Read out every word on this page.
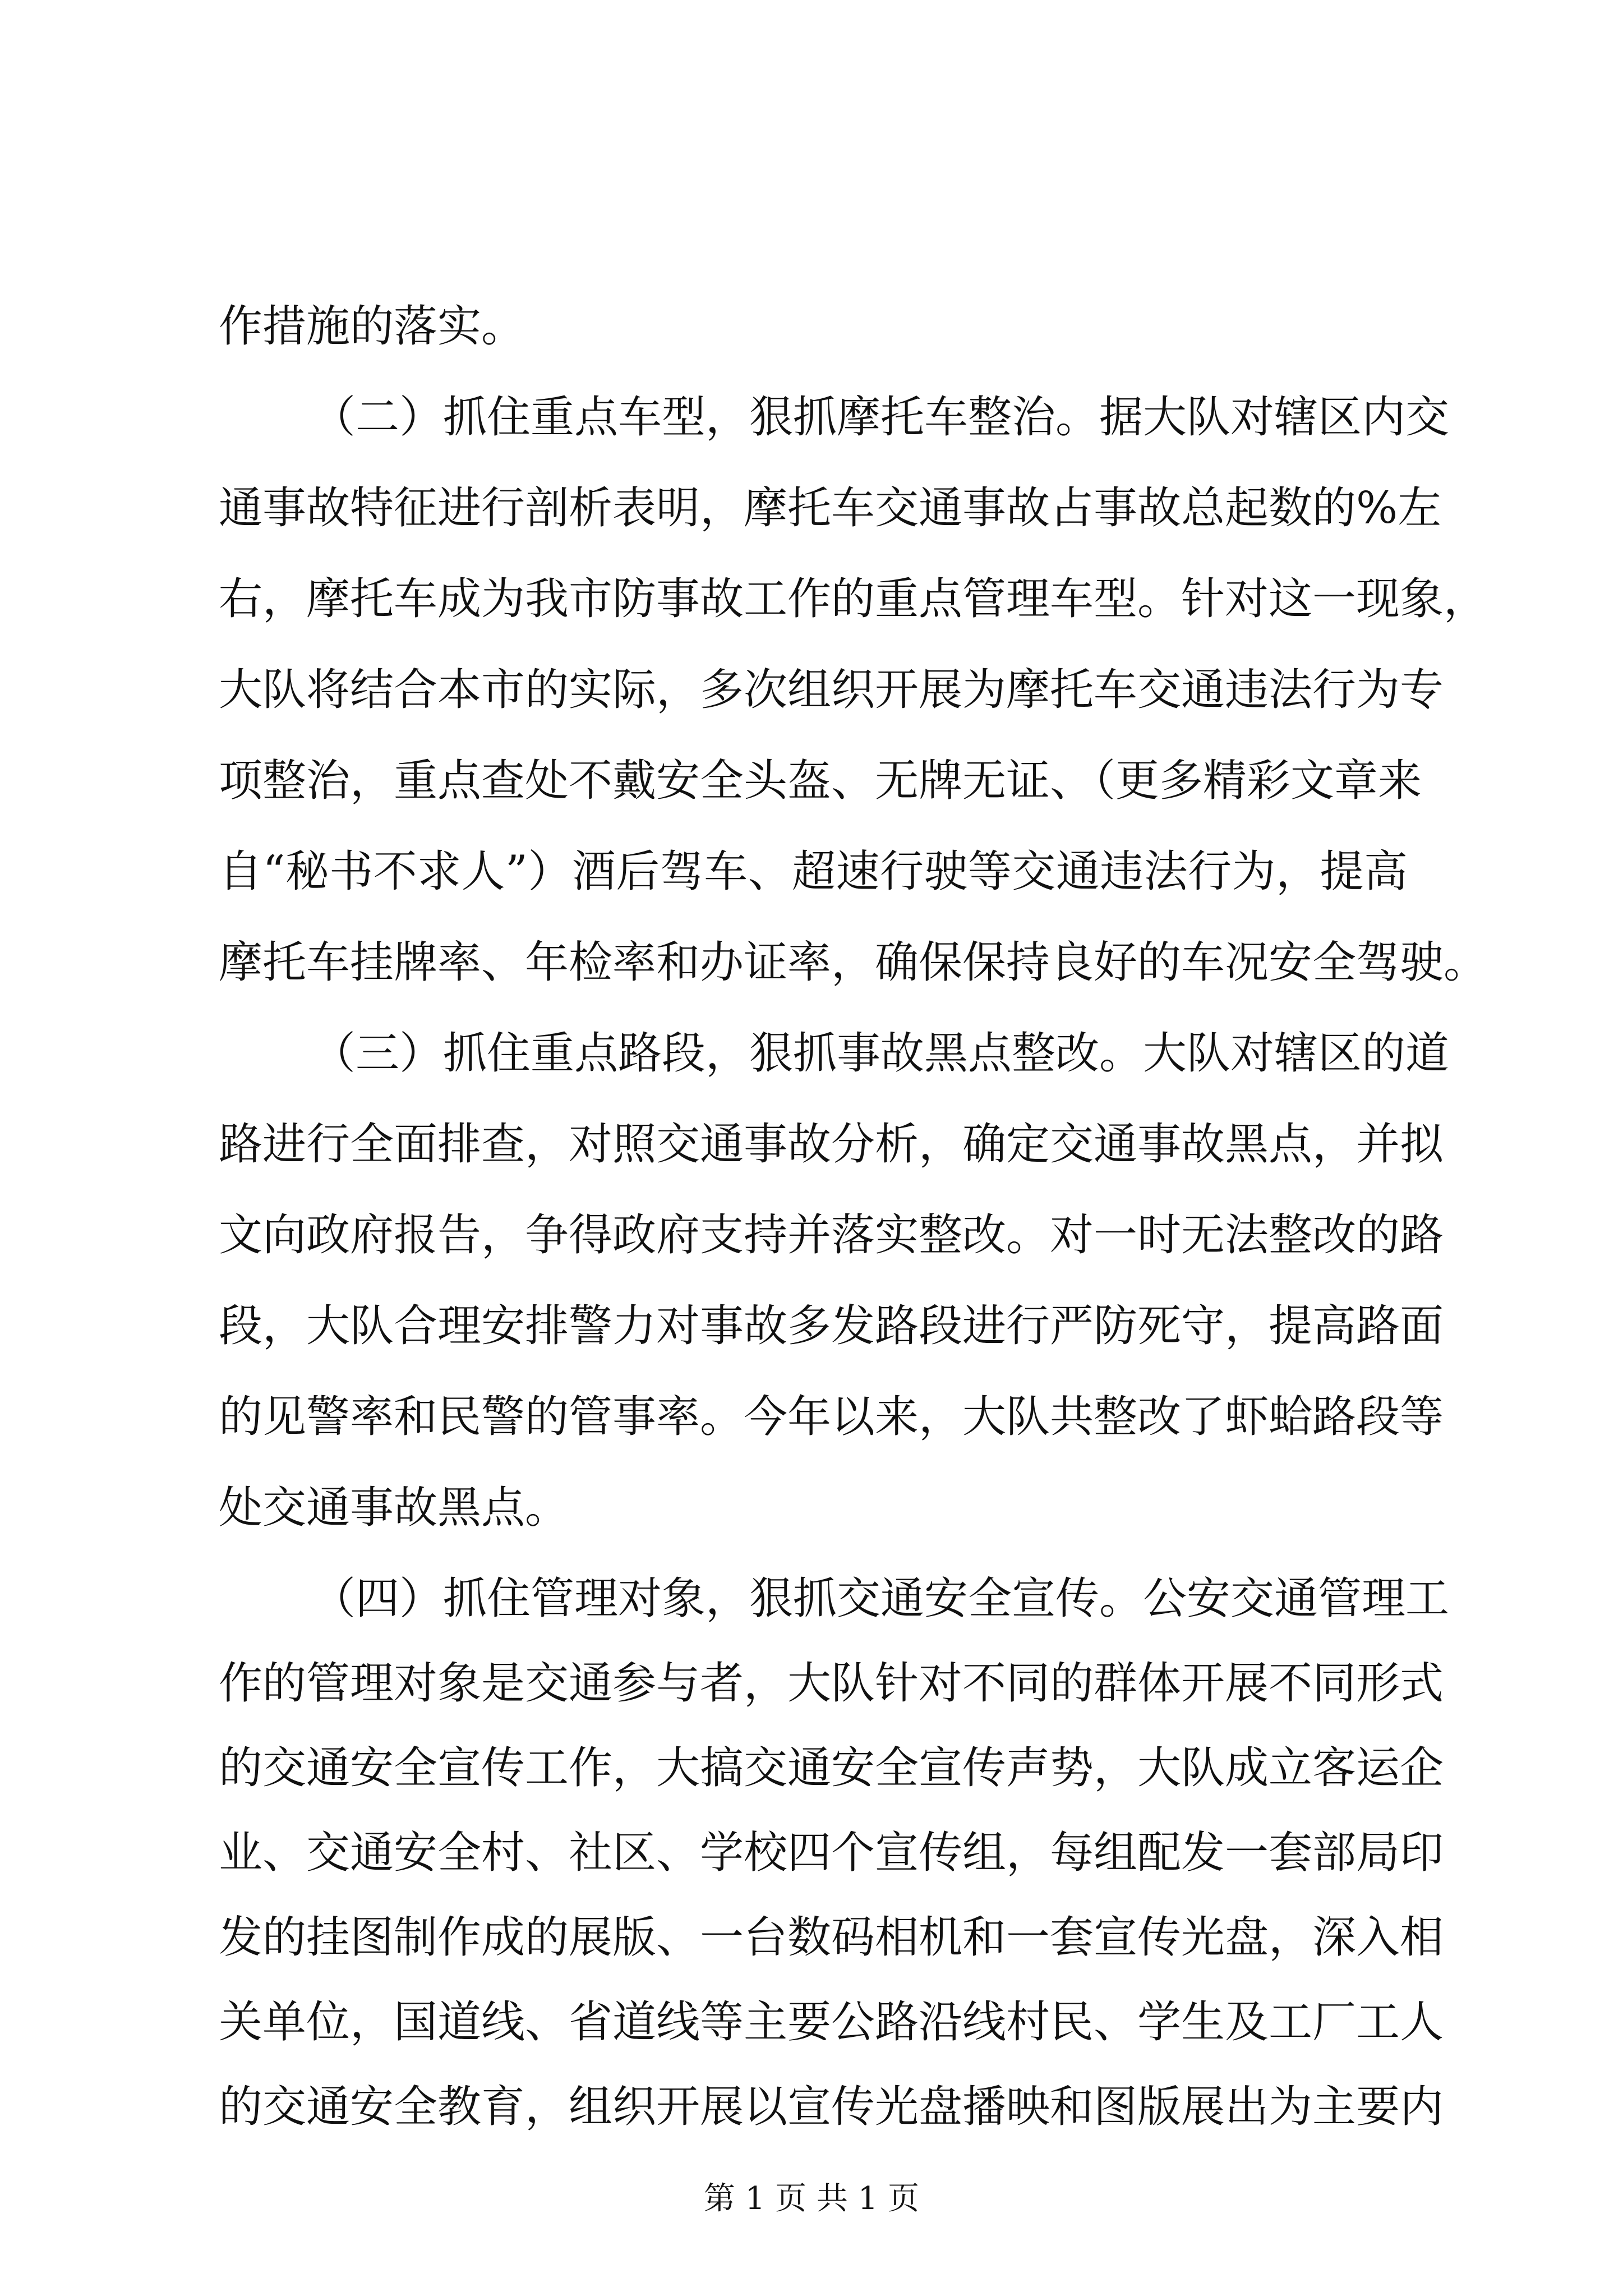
作措施的落实。
（二）抓住重点车型，狠抓摩托车整治。据大队对辖区内交
通事故特征进行剖析表明，摩托车交通事故占事故总起数的%左
右，摩托车成为我市防事故工作的重点管理车型。针对这一现象，
大队将结合本市的实际，多次组织开展为摩托车交通违法行为专
项整治，重点查处不戴安全头盔、无牌无证、（更多精彩文章来
自“秘书不求人”）酒后驾车、超速行驶等交通违法行为，提高
摩托车挂牌率、年检率和办证率，确保保持良好的车况安全驾驶。
（三）抓住重点路段，狠抓事故黑点整改。大队对辖区的道
路进行全面排查，对照交通事故分析，确定交通事故黑点，并拟
文向政府报告，争得政府支持并落实整改。对一时无法整改的路
段，大队合理安排警力对事故多发路段进行严防死守，提高路面
的见警率和民警的管事率。今年以来，大队共整改了虾蛤路段等
处交通事故黑点。
（四）抓住管理对象，狠抓交通安全宣传。公安交通管理工
作的管理对象是交通参与者，大队针对不同的群体开展不同形式
的交通安全宣传工作，大搞交通安全宣传声势，大队成立客运企
业、交通安全村、社区、学校四个宣传组，每组配发一套部局印
发的挂图制作成的展版、一台数码相机和一套宣传光盘，深入相
关单位，国道线、省道线等主要公路沿线村民、学生及工厂工人
第 1 页 共 1 页
的交通安全教育，组织开展以宣传光盘播映和图版展出为主要内
